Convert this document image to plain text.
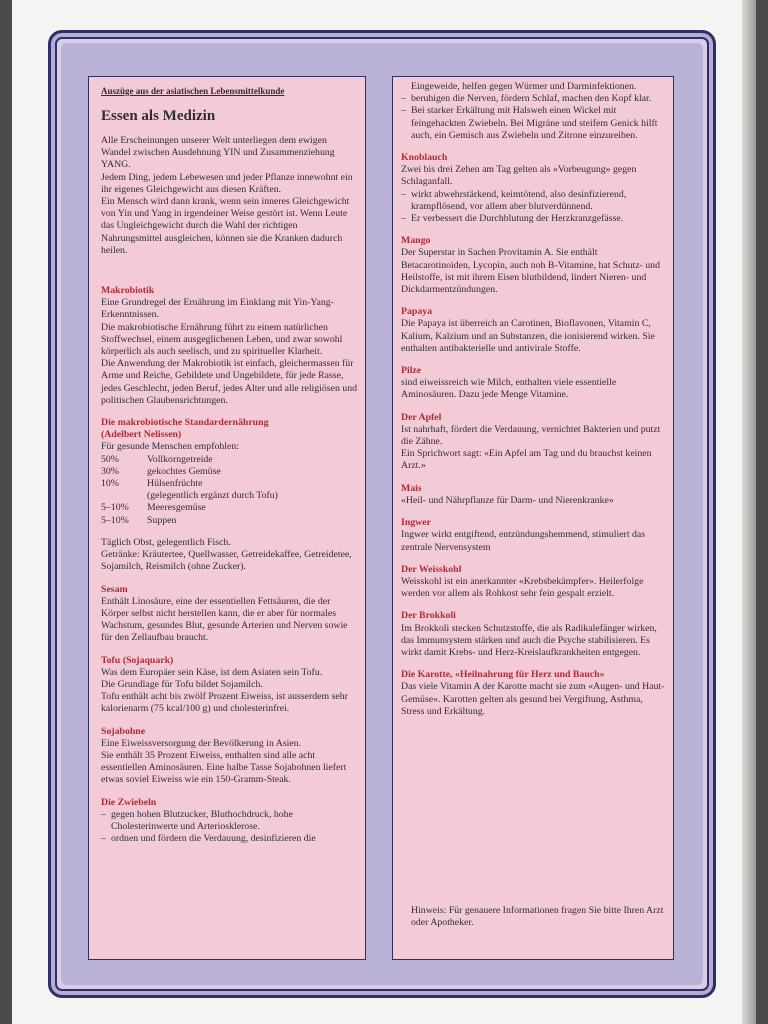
Auszüge aus der asiatischen Lebensmittelkunde
Essen als Medizin
Alle Erscheinungen unserer Welt unterliegen dem ewigen Wandel zwischen Ausdehnung YIN und Zusammenziehung YANG.
Jedem Ding, jedem Lebewesen und jeder Pflanze innewohnt ein ihr eigenes Gleichgewicht aus diesen Kräften.
Ein Mensch wird dann krank, wenn sein inneres Gleichgewicht von Yin und Yang in irgendeiner Weise gestört ist. Wenn Leute das Ungleichgewicht durch die Wahl der richtigen Nahrungsmittel ausgleichen, können sie die Kranken dadurch heilen.
Makrobiotik
Eine Grundregel der Ernährung im Einklang mit Yin-Yang-Erkenntnissen.
Die makrobiotische Ernährung führt zu einem natürlichen Stoffwechsel, einem ausgeglichenen Leben, und zwar sowohl körperlich als auch seelisch, und zu spiritueller Klarheit.
Die Anwendung der Makrobiotik ist einfach, gleichermassen für Arme und Reiche, Gebildete und Ungebildete, für jede Rasse, jedes Geschlecht, jeden Beruf, jedes Alter und alle religiösen und politischen Glaubensrichtungen.
Die makrobiotische Standardernährung
(Adelbert Nelissen)
Für gesunde Menschen empfohlen:
50%	Vollkorngetreide
30%	gekochtes Gemüse
10%	Hülsenfrüchte
(gelegentlich ergänzt durch Tofu)
5–10%	Meeresgemüse
5–10%	Suppen
Täglich Obst, gelegentlich Fisch.
Getränke: Kräutertee, Quellwasser, Getreidekaffee, Getreidetee, Sojamilch, Reismilch (ohne Zucker).
Sesam
Enthält Linosäure, eine der essentiellen Fettsäuren, die der Körper selbst nicht herstellen kann, die er aber für normales Wachstum, gesundes Blut, gesunde Arterien und Nerven sowie für den Zellaufbau braucht.
Tofu (Sojaquark)
Was dem Europäer sein Käse, ist dem Asiaten sein Tofu.
Die Grundlage für Tofu bildet Sojamilch.
Tofu enthält acht bis zwölf Prozent Eiweiss, ist ausserdem sehr kalorienarm (75 kcal/100 g) und cholesterinfrei.
Sojabohne
Eine Eiweissversorgung der Bevölkerung in Asien.
Sie enthält 35 Prozent Eiweiss, enthalten sind alle acht essentiellen Aminosäuren. Eine halbe Tasse Sojabohnen liefert etwas soviel Eiweiss wie ein 150-Gramm-Steak.
Die Zwiebeln
– gegen hohen Blutzucker, Bluthochdruck, hohe Cholesterinwerte und Arteriosklerose.
– ordnen und fördern die Verdauung, desinfizieren die
Eingeweide, helfen gegen Würmer und Darminfektionen.
– beruhigen die Nerven, fördern Schlaf, machen den Kopf klar.
– Bei starker Erkältung mit Halsweh einen Wickel mit feingehackten Zwiebeln. Bei Migräne und steifem Genick hilft auch, ein Gemisch aus Zwiebeln und Zitrone einzureiben.
Knoblauch
Zwei bis drei Zehen am Tag gelten als «Vorbeugung» gegen Schlaganfall.
– wirkt abwehrstärkend, keimtötend, also desinfizierend, krampflösend, vor allem aber blutverdünnend.
– Er verbessert die Durchblutung der Herzkranzgefässe.
Mango
Der Superstar in Sachen Provitamin A. Sie enthält Betacarotinoiden, Lycopin, auch noh B-Vitamine, hat Schutz- und Heilstoffe, ist mit ihrem Eisen blutbildend, lindert Nieren- und Dickdarmentzündungen.
Papaya
Die Papaya ist überreich an Carotinen, Bioflavonen, Vitamin C, Kalium, Kalzium und an Substanzen, die ionisierend wirken. Sie enthalten antibakterielle und antivirale Stoffe.
Pilze
sind eiweissreich wie Milch, enthalten viele essentielle Aminosäuren. Dazu jede Menge Vitamine.
Der Apfel
Ist nahrhaft, fördert die Verdauung, vernichtet Bakterien und putzt die Zähne.
Ein Sprichwort sagt: «Ein Apfel am Tag und du brauchst keinen Arzt.»
Mais
«Heil- und Nährpflanze für Darm- und Nierenkranke»
Ingwer
Ingwer wirkt entgiftend, entzündungshemmend, stimuliert das zentrale Nervensystem
Der Weisskohl
Weisskohl ist ein anerkannter «Krebsbekämpfer». Heilerfolge werden vor allem als Rohkost sehr fein gespalt erzielt.
Der Brokkoli
Im Brokkoli stecken Schutzstoffe, die als Radikalefänger wirken, das Immunsystem stärken und auch die Psyche stabilisieren. Es wirkt damit Krebs- und Herz-Kreislaufkrankheiten entgegen.
Die Karotte, «Heilnahrung für Herz und Bauch»
Das viele Vitamin A der Karotte macht sie zum «Augen- und Haut-Gemüse». Karotten gelten als gesund bei Vergiftung, Asthma, Stress und Erkältung.
Hinweis: Für genauere Informationen fragen Sie bitte Ihren Arzt oder Apotheker.
